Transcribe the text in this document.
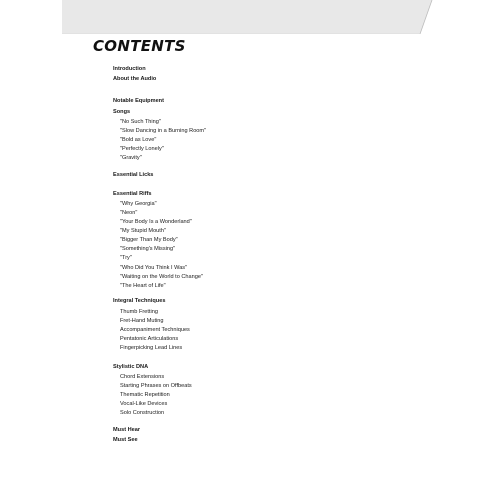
CONTENTS
Introduction
About the Audio
Notable Equipment
Songs
"No Such Thing"
"Slow Dancing in a Burning Room"
"Bold as Love"
"Perfectly Lonely"
"Gravity"
Essential Licks
Essential Riffs
"Why Georgia"
"Neon"
"Your Body Is a Wonderland"
"My Stupid Mouth"
"Bigger Than My Body"
"Something's Missing"
"Try"
"Who Did You Think I Was"
"Waiting on the World to Change"
"The Heart of Life"
Integral Techniques
Thumb Fretting
Fret-Hand Muting
Accompaniment Techniques
Pentatonic Articulations
Fingerpicking Lead Lines
Stylistic DNA
Chord Extensions
Starting Phrases on Offbeats
Thematic Repetition
Vocal-Like Devices
Solo Construction
Must Hear
Must See
